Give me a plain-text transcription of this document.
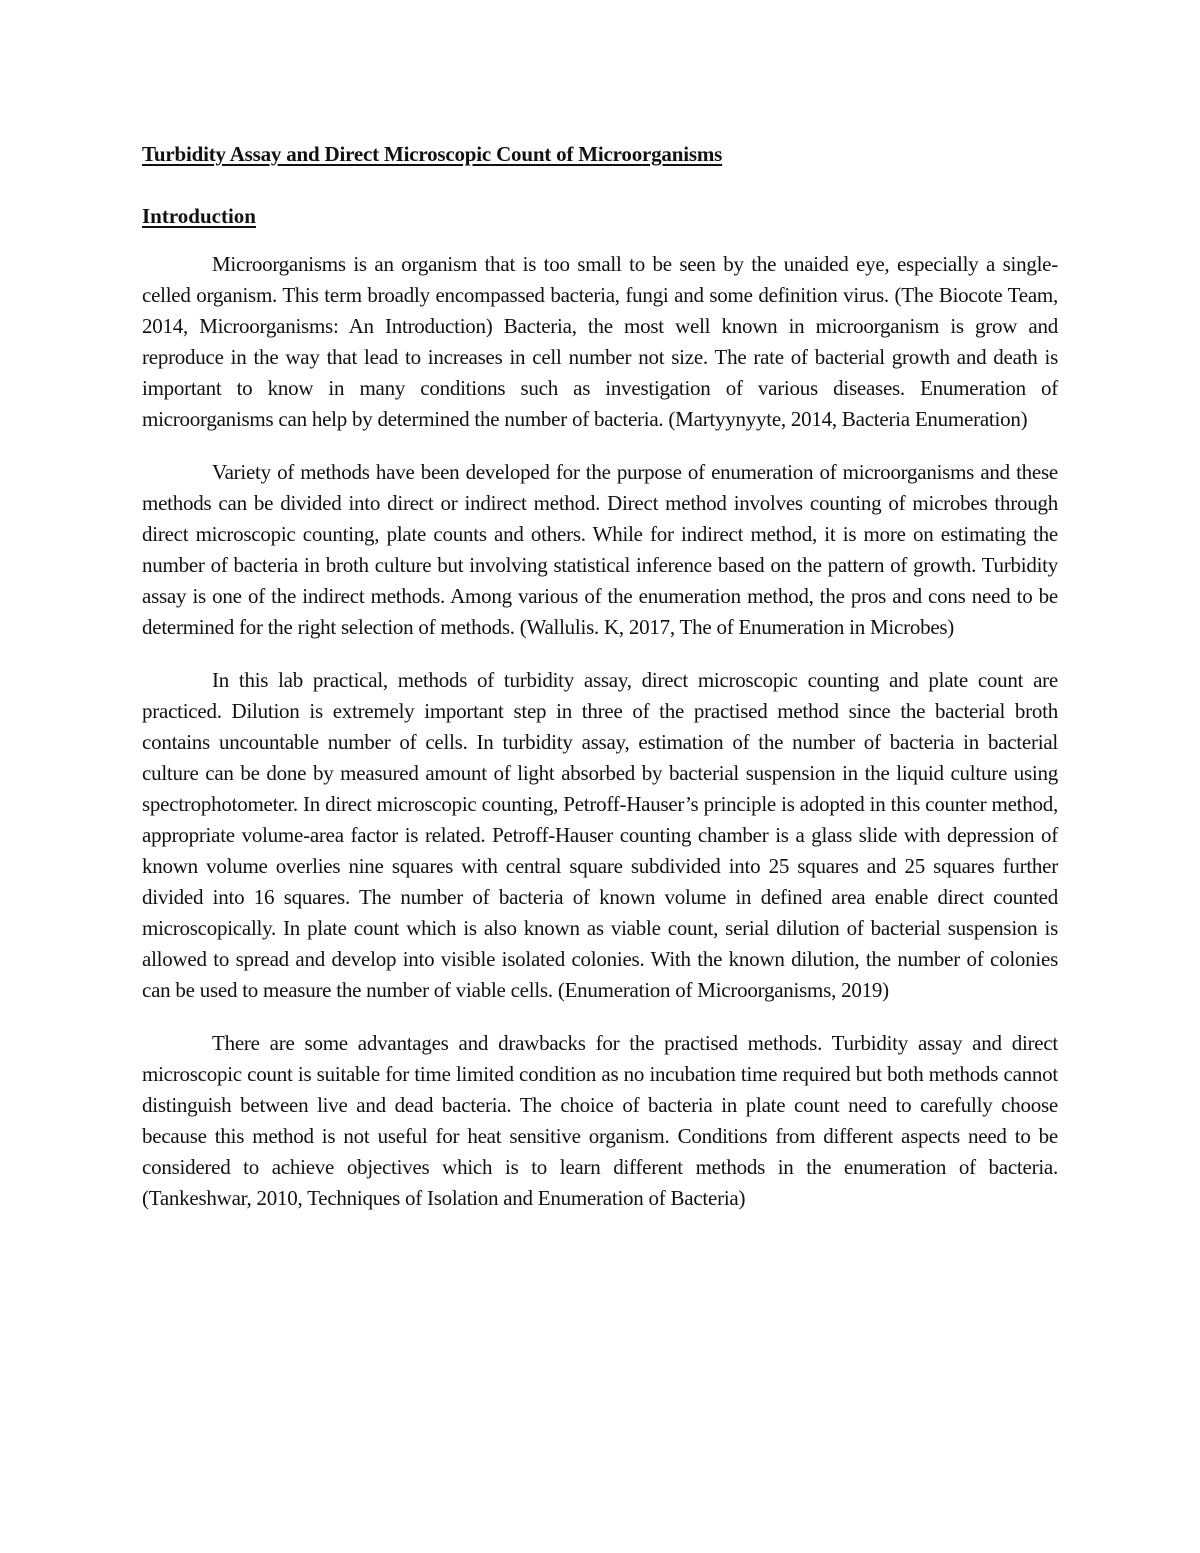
Turbidity Assay and Direct Microscopic Count of Microorganisms
Introduction

Microorganisms is an organism that is too small to be seen by the unaided eye, especially a single-celled organism. This term broadly encompassed bacteria, fungi and some definition virus. (The Biocote Team, 2014, Microorganisms: An Introduction) Bacteria, the most well known in microorganism is grow and reproduce in the way that lead to increases in cell number not size. The rate of bacterial growth and death is important to know in many conditions such as investigation of various diseases. Enumeration of microorganisms can help by determined the number of bacteria. (Martyynyyte, 2014, Bacteria Enumeration)

Variety of methods have been developed for the purpose of enumeration of microorganisms and these methods can be divided into direct or indirect method. Direct method involves counting of microbes through direct microscopic counting, plate counts and others. While for indirect method, it is more on estimating the number of bacteria in broth culture but involving statistical inference based on the pattern of growth. Turbidity assay is one of the indirect methods. Among various of the enumeration method, the pros and cons need to be determined for the right selection of methods. (Wallulis. K, 2017, The of Enumeration in Microbes)

In this lab practical, methods of turbidity assay, direct microscopic counting and plate count are practiced. Dilution is extremely important step in three of the practised method since the bacterial broth contains uncountable number of cells. In turbidity assay, estimation of the number of bacteria in bacterial culture can be done by measured amount of light absorbed by bacterial suspension in the liquid culture using spectrophotometer. In direct microscopic counting, Petroff-Hauser’s principle is adopted in this counter method, appropriate volume-area factor is related. Petroff-Hauser counting chamber is a glass slide with depression of known volume overlies nine squares with central square subdivided into 25 squares and 25 squares further divided into 16 squares. The number of bacteria of known volume in defined area enable direct counted microscopically. In plate count which is also known as viable count, serial dilution of bacterial suspension is allowed to spread and develop into visible isolated colonies. With the known dilution, the number of colonies can be used to measure the number of viable cells. (Enumeration of Microorganisms, 2019)

There are some advantages and drawbacks for the practised methods. Turbidity assay and direct microscopic count is suitable for time limited condition as no incubation time required but both methods cannot distinguish between live and dead bacteria. The choice of bacteria in plate count need to carefully choose because this method is not useful for heat sensitive organism. Conditions from different aspects need to be considered to achieve objectives which is to learn different methods in the enumeration of bacteria. (Tankeshwar, 2010, Techniques of Isolation and Enumeration of Bacteria)
